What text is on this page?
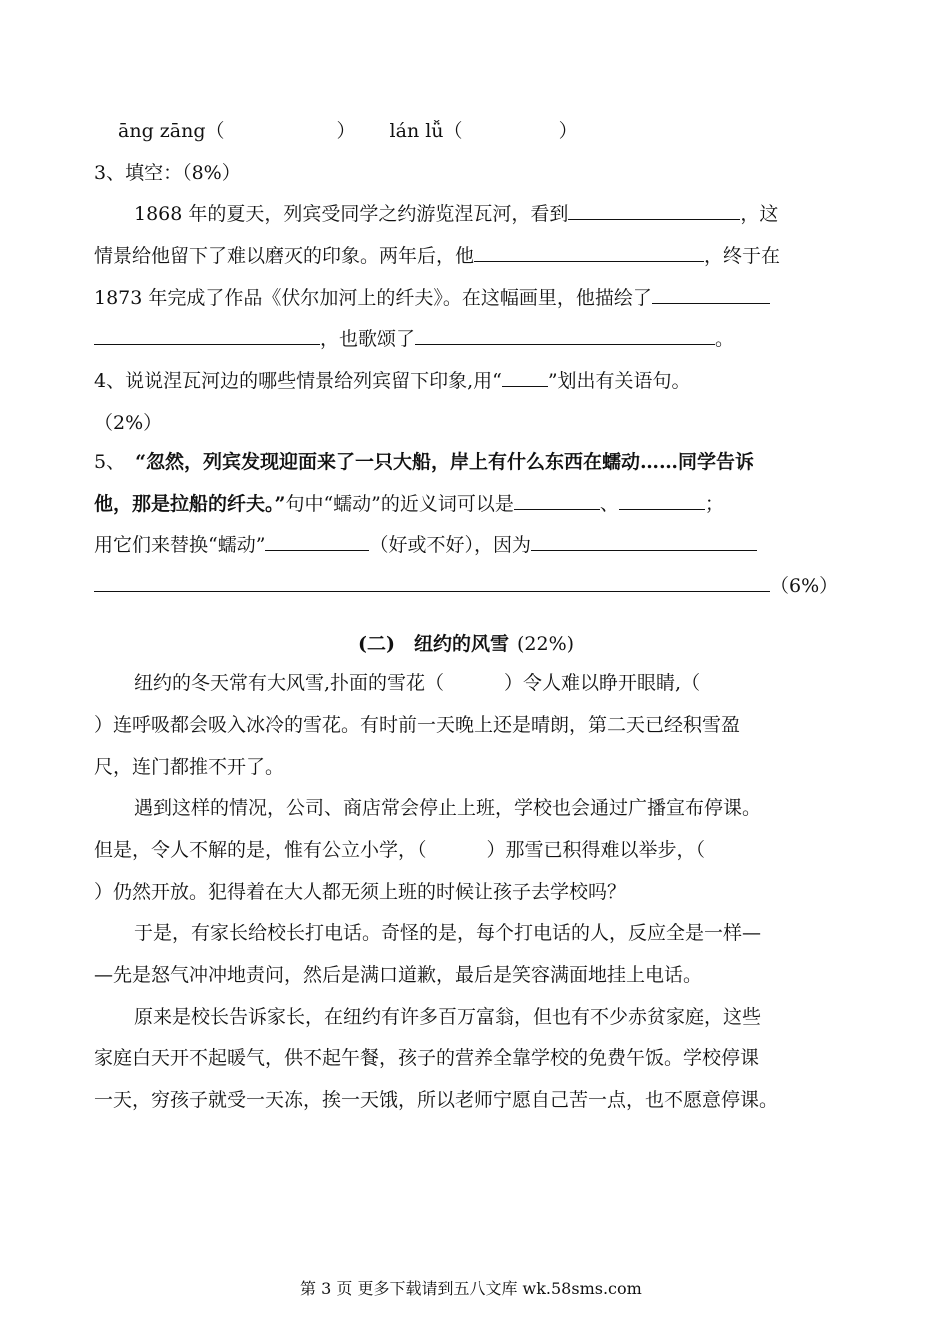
āng zāng（	） lán lǚ（	）
3、填空：（8%）
1868 年的夏天，列宾受同学之约游览涅瓦河，看到	，这
情景给他留下了难以磨灭的印象。两年后，他	，终于在
1873 年完成了作品《伏尔加河上的纤夫》。在这幅画里，他描绘了
，也歌颂了	。
4、说说涅瓦河边的哪些情景给列宾留下印象,用“ ”划出有关语句。
（2%）
5、 “忽然，列宾发现迎面来了一只大船，岸上有什么东西在蠕动……同学告诉
他，那是拉船的纤夫。”句中“蠕动”的近义词可以是	、	；
用它们来替换“蠕动”	（好或不好），因为
（6%）
(二)　纽约的风雪 (22%)
纽约的冬天常有大风雪,扑面的雪花（	）令人难以睁开眼睛,（
）连呼吸都会吸入冰冷的雪花。有时前一天晚上还是晴朗，第二天已经积雪盈
尺，连门都推不开了。
遇到这样的情况，公司、商店常会停止上班，学校也会通过广播宣布停课。
但是，令人不解的是，惟有公立小学，（	）那雪已积得难以举步，（
）仍然开放。犯得着在大人都无须上班的时候让孩子去学校吗？
于是，有家长给校长打电话。奇怪的是，每个打电话的人，反应全是一样—
—先是怒气冲冲地责问，然后是满口道歉，最后是笑容满面地挂上电话。
原来是校长告诉家长，在纽约有许多百万富翁，但也有不少赤贫家庭，这些
家庭白天开不起暖气，供不起午餐，孩子的营养全靠学校的免费午饭。学校停课
一天，穷孩子就受一天冻，挨一天饿，所以老师宁愿自己苦一点，也不愿意停课。
第 3 页 更多下载请到五八文库 wk.58sms.com
